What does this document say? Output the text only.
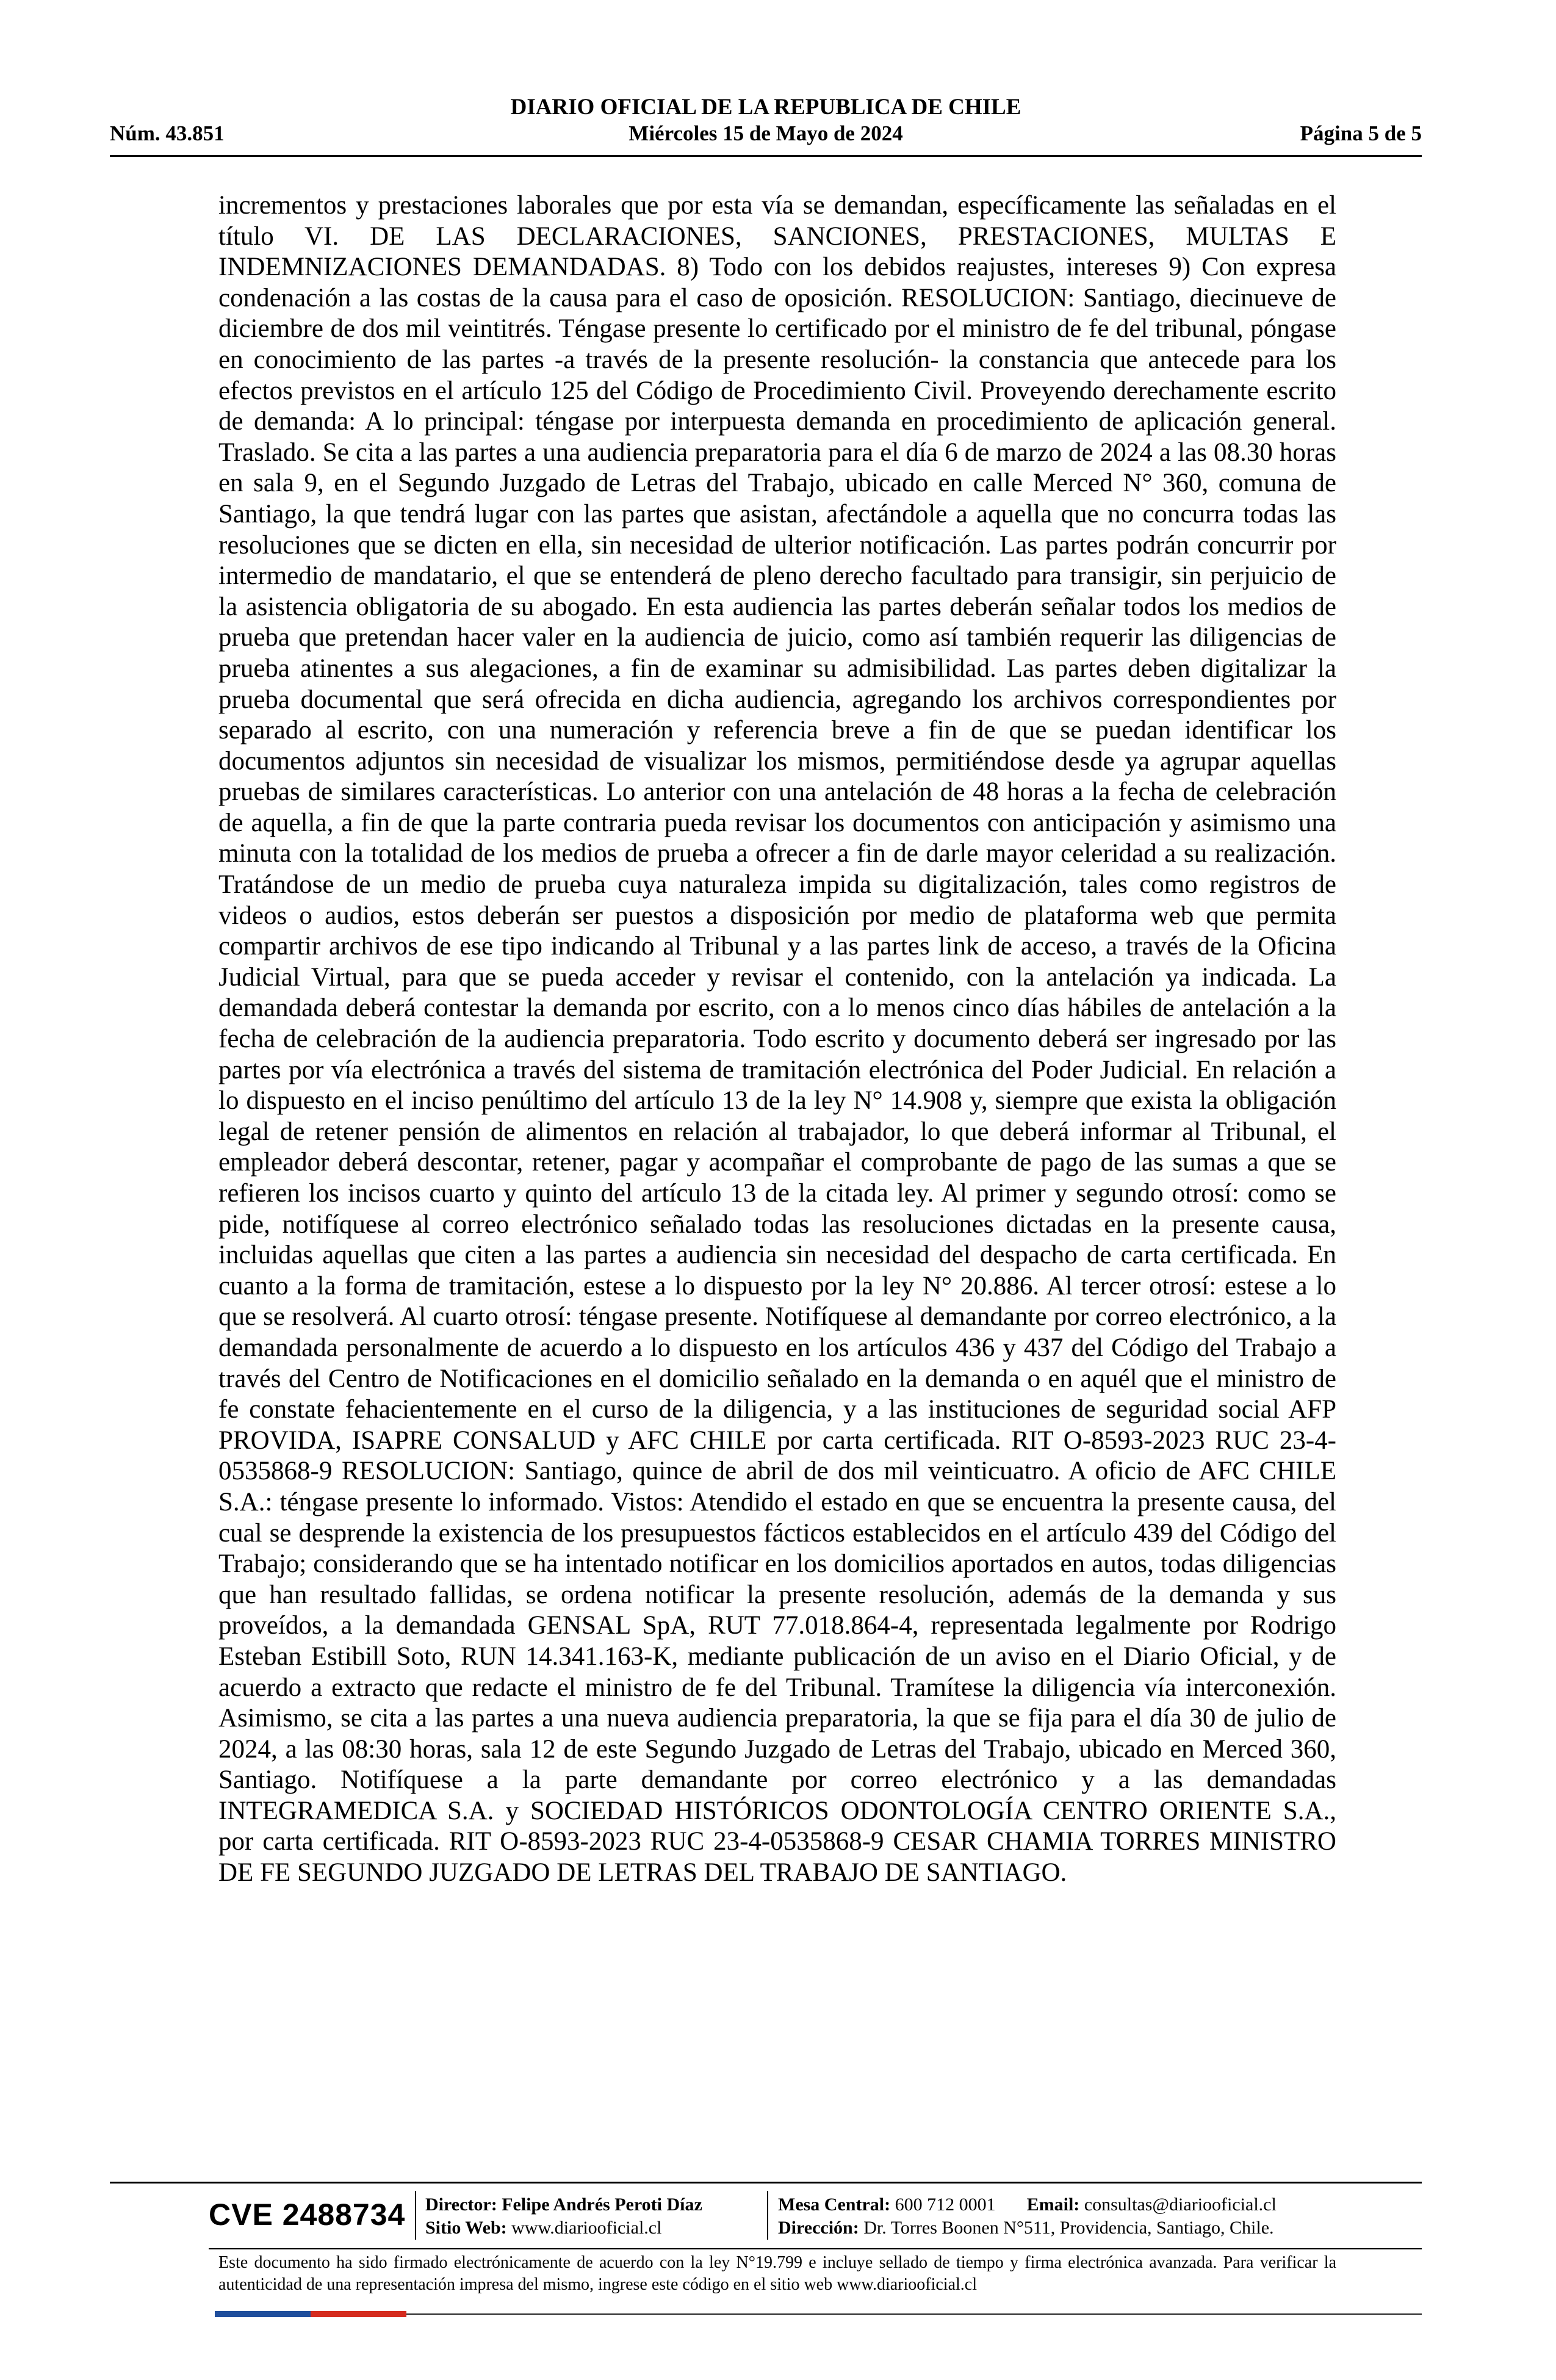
DIARIO OFICIAL DE LA REPUBLICA DE CHILE
Núm. 43.851	Miércoles 15 de Mayo de 2024	Página 5 de 5

incrementos y prestaciones laborales que por esta vía se demandan, específicamente las señaladas en el título VI. DE LAS DECLARACIONES, SANCIONES, PRESTACIONES, MULTAS E INDEMNIZACIONES DEMANDADAS. 8) Todo con los debidos reajustes, intereses 9) Con expresa condenación a las costas de la causa para el caso de oposición. RESOLUCION: Santiago, diecinueve de diciembre de dos mil veintitrés. Téngase presente lo certificado por el ministro de fe del tribunal, póngase en conocimiento de las partes -a través de la presente resolución- la constancia que antecede para los efectos previstos en el artículo 125 del Código de Procedimiento Civil. Proveyendo derechamente escrito de demanda: A lo principal: téngase por interpuesta demanda en procedimiento de aplicación general. Traslado. Se cita a las partes a una audiencia preparatoria para el día 6 de marzo de 2024 a las 08.30 horas en sala 9, en el Segundo Juzgado de Letras del Trabajo, ubicado en calle Merced N° 360, comuna de Santiago, la que tendrá lugar con las partes que asistan, afectándole a aquella que no concurra todas las resoluciones que se dicten en ella, sin necesidad de ulterior notificación. Las partes podrán concurrir por intermedio de mandatario, el que se entenderá de pleno derecho facultado para transigir, sin perjuicio de la asistencia obligatoria de su abogado. En esta audiencia las partes deberán señalar todos los medios de prueba que pretendan hacer valer en la audiencia de juicio, como así también requerir las diligencias de prueba atinentes a sus alegaciones, a fin de examinar su admisibilidad. Las partes deben digitalizar la prueba documental que será ofrecida en dicha audiencia, agregando los archivos correspondientes por separado al escrito, con una numeración y referencia breve a fin de que se puedan identificar los documentos adjuntos sin necesidad de visualizar los mismos, permitiéndose desde ya agrupar aquellas pruebas de similares características. Lo anterior con una antelación de 48 horas a la fecha de celebración de aquella, a fin de que la parte contraria pueda revisar los documentos con anticipación y asimismo una minuta con la totalidad de los medios de prueba a ofrecer a fin de darle mayor celeridad a su realización. Tratándose de un medio de prueba cuya naturaleza impida su digitalización, tales como registros de videos o audios, estos deberán ser puestos a disposición por medio de plataforma web que permita compartir archivos de ese tipo indicando al Tribunal y a las partes link de acceso, a través de la Oficina Judicial Virtual, para que se pueda acceder y revisar el contenido, con la antelación ya indicada. La demandada deberá contestar la demanda por escrito, con a lo menos cinco días hábiles de antelación a la fecha de celebración de la audiencia preparatoria. Todo escrito y documento deberá ser ingresado por las partes por vía electrónica a través del sistema de tramitación electrónica del Poder Judicial. En relación a lo dispuesto en el inciso penúltimo del artículo 13 de la ley N° 14.908 y, siempre que exista la obligación legal de retener pensión de alimentos en relación al trabajador, lo que deberá informar al Tribunal, el empleador deberá descontar, retener, pagar y acompañar el comprobante de pago de las sumas a que se refieren los incisos cuarto y quinto del artículo 13 de la citada ley. Al primer y segundo otrosí: como se pide, notifíquese al correo electrónico señalado todas las resoluciones dictadas en la presente causa, incluidas aquellas que citen a las partes a audiencia sin necesidad del despacho de carta certificada. En cuanto a la forma de tramitación, estese a lo dispuesto por la ley N° 20.886. Al tercer otrosí: estese a lo que se resolverá. Al cuarto otrosí: téngase presente. Notifíquese al demandante por correo electrónico, a la demandada personalmente de acuerdo a lo dispuesto en los artículos 436 y 437 del Código del Trabajo a través del Centro de Notificaciones en el domicilio señalado en la demanda o en aquél que el ministro de fe constate fehacientemente en el curso de la diligencia, y a las instituciones de seguridad social AFP PROVIDA, ISAPRE CONSALUD y AFC CHILE por carta certificada. RIT O-8593-2023 RUC 23-4-0535868-9 RESOLUCION: Santiago, quince de abril de dos mil veinticuatro. A oficio de AFC CHILE S.A.: téngase presente lo informado. Vistos: Atendido el estado en que se encuentra la presente causa, del cual se desprende la existencia de los presupuestos fácticos establecidos en el artículo 439 del Código del Trabajo; considerando que se ha intentado notificar en los domicilios aportados en autos, todas diligencias que han resultado fallidas, se ordena notificar la presente resolución, además de la demanda y sus proveídos, a la demandada GENSAL SpA, RUT 77.018.864-4, representada legalmente por Rodrigo Esteban Estibill Soto, RUN 14.341.163-K, mediante publicación de un aviso en el Diario Oficial, y de acuerdo a extracto que redacte el ministro de fe del Tribunal. Tramítese la diligencia vía interconexión. Asimismo, se cita a las partes a una nueva audiencia preparatoria, la que se fija para el día 30 de julio de 2024, a las 08:30 horas, sala 12 de este Segundo Juzgado de Letras del Trabajo, ubicado en Merced 360, Santiago. Notifíquese a la parte demandante por correo electrónico y a las demandadas INTEGRAMEDICA S.A. y SOCIEDAD HISTÓRICOS ODONTOLOGÍA CENTRO ORIENTE S.A., por carta certificada. RIT O-8593-2023 RUC 23-4-0535868-9 CESAR CHAMIA TORRES MINISTRO DE FE SEGUNDO JUZGADO DE LETRAS DEL TRABAJO DE SANTIAGO.

CVE 2488734 Director: Felipe Andrés Peroti Díaz
Sitio Web: www.diariooficial.cl
Mesa Central: 600 712 0001 Email: consultas@diariooficial.cl
Dirección: Dr. Torres Boonen N°511, Providencia, Santiago, Chile.
Este documento ha sido firmado electrónicamente de acuerdo con la ley N°19.799 e incluye sellado de tiempo y firma electrónica avanzada. Para verificar la autenticidad de una representación impresa del mismo, ingrese este código en el sitio web www.diariooficial.cl
